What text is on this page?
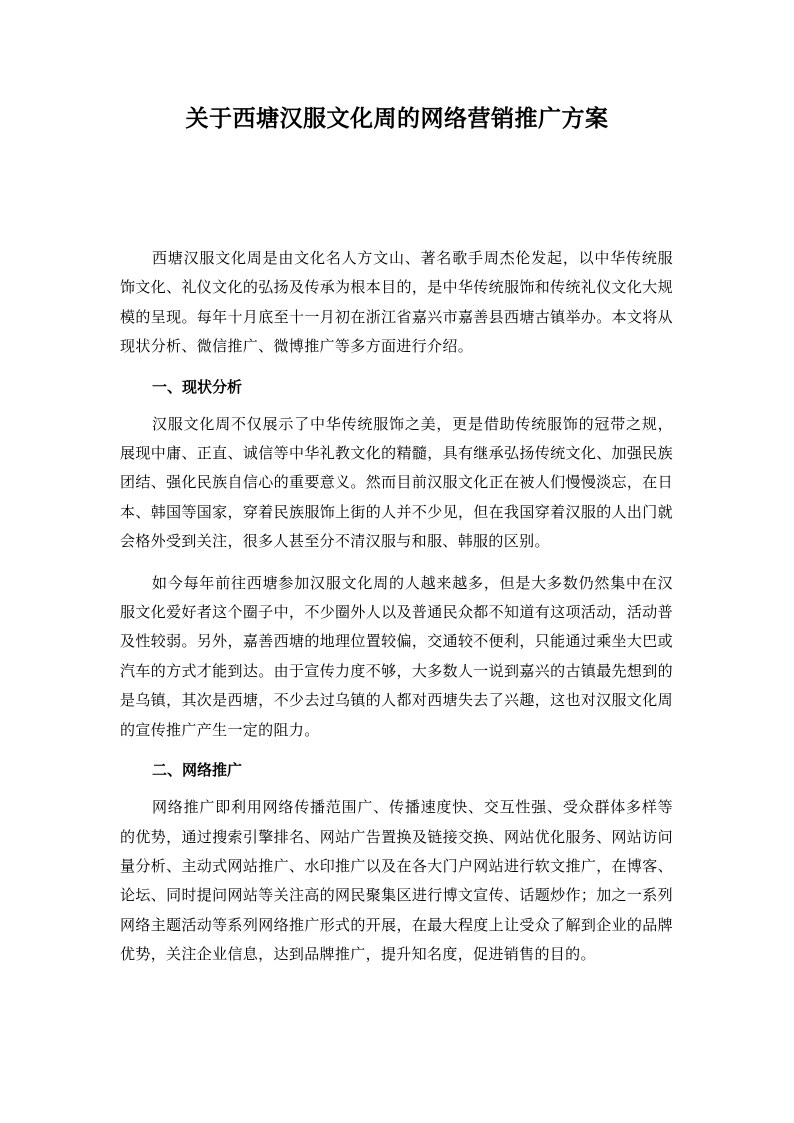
关于西塘汉服文化周的网络营销推广方案

西塘汉服文化周是由文化名人方文山、著名歌手周杰伦发起，以中华传统服饰文化、礼仪文化的弘扬及传承为根本目的，是中华传统服饰和传统礼仪文化大规模的呈现。每年十月底至十一月初在浙江省嘉兴市嘉善县西塘古镇举办。本文将从现状分析、微信推广、微博推广等多方面进行介绍。

一、现状分析

汉服文化周不仅展示了中华传统服饰之美，更是借助传统服饰的冠带之规，展现中庸、正直、诚信等中华礼教文化的精髓，具有继承弘扬传统文化、加强民族团结、强化民族自信心的重要意义。然而目前汉服文化正在被人们慢慢淡忘，在日本、韩国等国家，穿着民族服饰上街的人并不少见，但在我国穿着汉服的人出门就会格外受到关注，很多人甚至分不清汉服与和服、韩服的区别。

如今每年前往西塘参加汉服文化周的人越来越多，但是大多数仍然集中在汉服文化爱好者这个圈子中，不少圈外人以及普通民众都不知道有这项活动，活动普及性较弱。另外，嘉善西塘的地理位置较偏，交通较不便利，只能通过乘坐大巴或汽车的方式才能到达。由于宣传力度不够，大多数人一说到嘉兴的古镇最先想到的是乌镇，其次是西塘，不少去过乌镇的人都对西塘失去了兴趣，这也对汉服文化周的宣传推广产生一定的阻力。

二、网络推广

网络推广即利用网络传播范围广、传播速度快、交互性强、受众群体多样等的优势，通过搜索引擎排名、网站广告置换及链接交换、网站优化服务、网站访问量分析、主动式网站推广、水印推广以及在各大门户网站进行软文推广，在博客、论坛、同时提问网站等关注高的网民聚集区进行博文宣传、话题炒作；加之一系列网络主题活动等系列网络推广形式的开展，在最大程度上让受众了解到企业的品牌优势，关注企业信息，达到品牌推广，提升知名度，促进销售的目的。
